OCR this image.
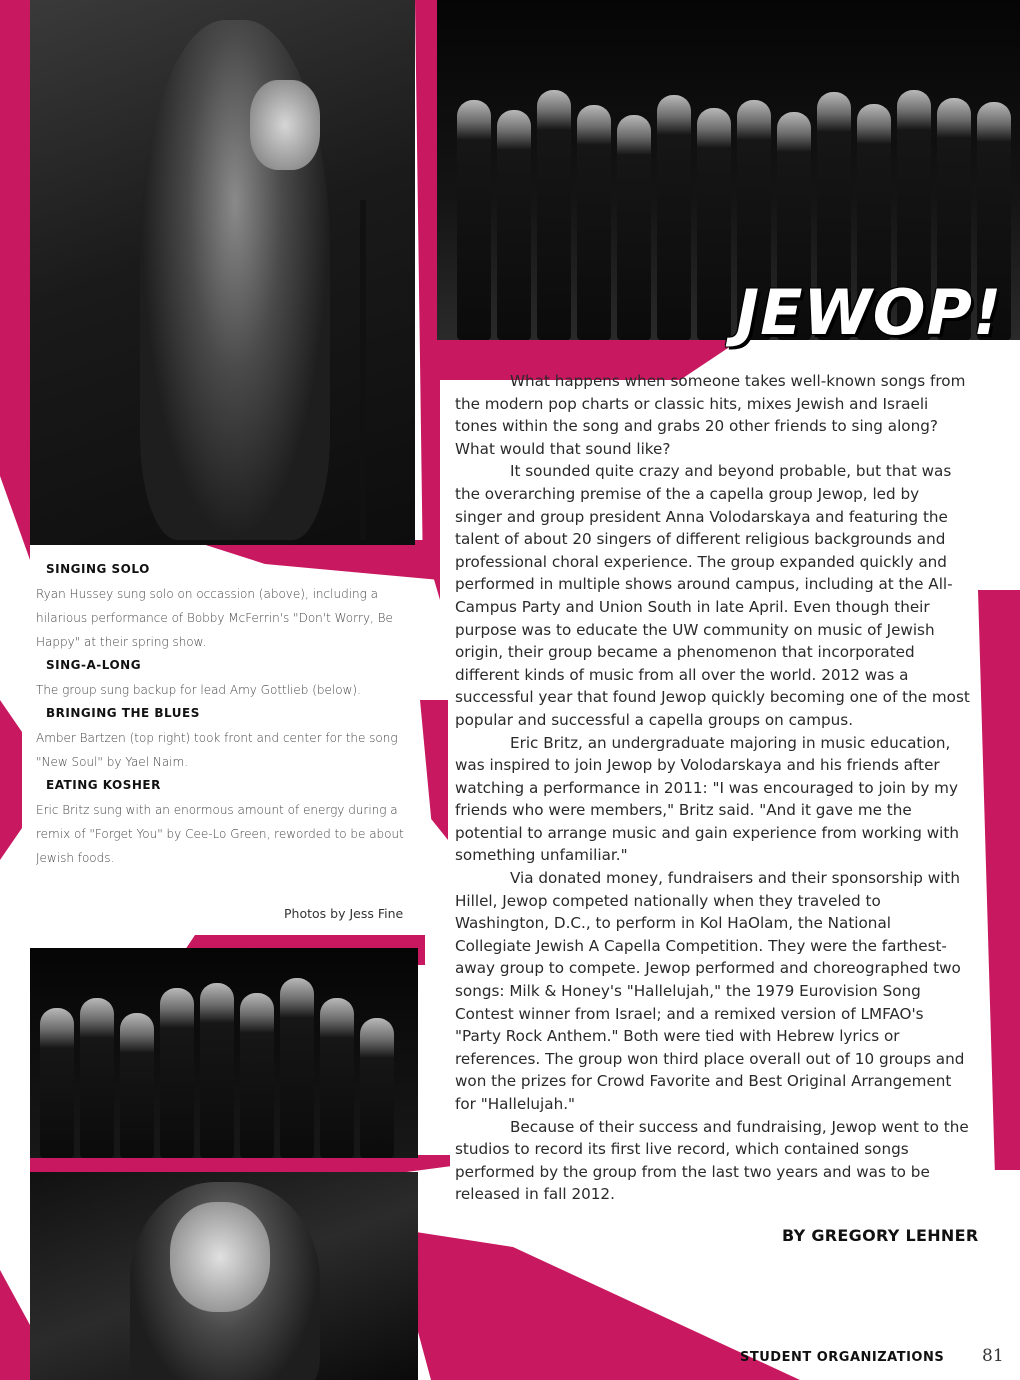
JEWOP!
SINGING SOLO
Ryan Hussey sung solo on occassion (above), including a hilarious performance of Bobby McFerrin's "Don't Worry, Be Happy" at their spring show.
SING-A-LONG
The group sung backup for lead Amy Gottlieb (below).
BRINGING THE BLUES
Amber Bartzen (top right) took front and center for the song "New Soul" by Yael Naim.
EATING KOSHER
Eric Britz sung with an enormous amount of energy during a remix of "Forget You" by Cee-Lo Green, reworded to be about Jewish foods.
Photos by Jess Fine

What happens when someone takes well-known songs from the modern pop charts or classic hits, mixes Jewish and Israeli tones within the song and grabs 20 other friends to sing along? What would that sound like?

It sounded quite crazy and beyond probable, but that was the overarching premise of the a capella group Jewop, led by singer and group president Anna Volodarskaya and featuring the talent of about 20 singers of different religious backgrounds and professional choral experience. The group expanded quickly and performed in multiple shows around campus, including at the All-Campus Party and Union South in late April. Even though their purpose was to educate the UW community on music of Jewish origin, their group became a phenomenon that incorporated different kinds of music from all over the world. 2012 was a successful year that found Jewop quickly becoming one of the most popular and successful a capella groups on campus.

Eric Britz, an undergraduate majoring in music education, was inspired to join Jewop by Volodarskaya and his friends after watching a performance in 2011: "I was encouraged to join by my friends who were members," Britz said. "And it gave me the potential to arrange music and gain experience from working with something unfamiliar."

Via donated money, fundraisers and their sponsorship with Hillel, Jewop competed nationally when they traveled to Washington, D.C., to perform in Kol HaOlam, the National Collegiate Jewish A Capella Competition. They were the farthest-away group to compete. Jewop performed and choreographed two songs: Milk & Honey's "Hallelujah," the 1979 Eurovision Song Contest winner from Israel; and a remixed version of LMFAO's "Party Rock Anthem." Both were tied with Hebrew lyrics or references. The group won third place overall out of 10 groups and won the prizes for Crowd Favorite and Best Original Arrangement for "Hallelujah."

Because of their success and fundraising, Jewop went to the studios to record its first live record, which contained songs performed by the group from the last two years and was to be released in fall 2012.

BY GREGORY LEHNER
STUDENT ORGANIZATIONS 81
